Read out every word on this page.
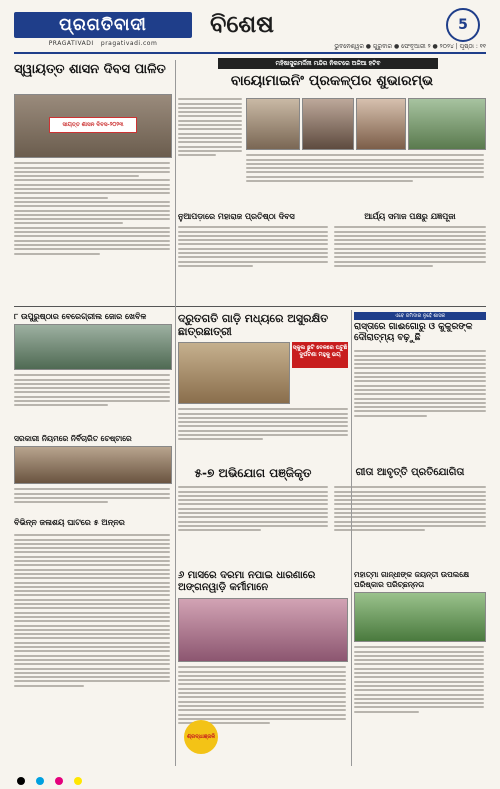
ପ୍ରଗତିବାଦୀ
PRAGATIVADI pragativadi.com
ବିଶେଷ	5
ଭୁବନେଶ୍ୱର ● ଗୁରୁବାର ● ଫେବୃଆରୀ ୨ ● ୨୦୨୪ | ପୃଷ୍ଠା : ୧୧
ସ୍ୱାୟତ୍ତ ଶାସନ ଦିବସ ପାଳିତ
ସାୟତ୍ତ ଶାସନ ଦିବସ-୨୦୨୩
ମହିଷାସୁରମର୍ଦ୍ଦିନୀ ମନ୍ଦିର ନିକଟରେ ଅଳିଆ ହଟିବ
ବାୟୋମାଇନିଂ ପ୍ରକଳ୍ପର ଶୁଭାରମ୍ଭ
ନୁଆପଡ଼ାରେ ମହାରାଜ ପ୍ରତିଷ୍ଠା ଦିବସ	ଆର୍ଯ୍ୟ ସମାଜ ପକ୍ଷରୁ ଯଜ୍ଞପୂଜା
୮ ଉପୁରୁଷ୍ଠାର ବେରେଗ୍ରୀଲ ଜୋର ଖେବିଳ	ଦ୍ରୁତଗତି ଗାଡ଼ି ମଧ୍ୟରେ ଅସୁରକ୍ଷିତ ଛାତ୍ରଛାତ୍ରୀ
ସ୍କୁଲ ଛୁଟି ବେଳରେ ଘଟୁଛି ଦୁର୍ଘଟଣା ମହୁକୁ ଭୟ
ଏବେ ଜମିଦାର ନୁହେଁ ଶାସକ
ରାସ୍ତାରେ ଗାଈଗୋରୁ ଓ କୁକୁରଙ୍କ ଦୌରାତ୍ମ୍ୟ ବଢ଼ୁଛି
ସରକାରୀ ନିୟମରେ ନିର୍ବିଚାରିତ ଚେଷ୍ଟାରେ
୫-୭ ଅଭିଯୋଗ ପଞ୍ଜିକୃତ	ଗୀତା ଆବୃତ୍ତି ପ୍ରତିଯୋଗିତା
ବିଭିନ୍ନ ଜଳାଶୟ ଘାଟରେ ୫ ଅନ୍ନର
୬ ମାସରେ ଦରମା ନପାଇ ଧାରଣାରେ ଅଙ୍ଗନୱାଡ଼ି କର୍ମୀମାନେ
ଶ୍ରଦ୍ଧାଞ୍ଜଳି
ମହାତ୍ମା ଗାନ୍ଧୀଙ୍କ ଜୟନ୍ତୀ ଉପଲକ୍ଷେ ପରିଷ୍କାର ପରିଚ୍ଛନ୍ନତା
